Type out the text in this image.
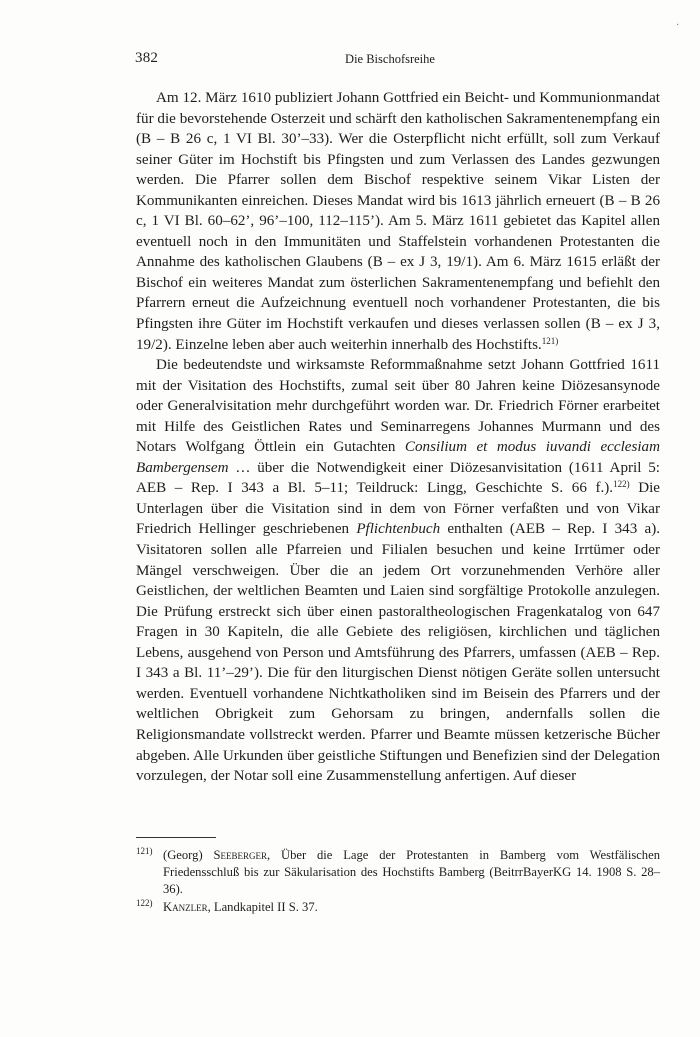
382	Die Bischofsreihe
·

Am 12. März 1610 publiziert Johann Gottfried ein Beicht- und Kommunionmandat für die bevorstehende Osterzeit und schärft den katholischen Sakramentenempfang ein (B – B 26 c, 1 VI Bl. 30’–33). Wer die Osterpflicht nicht erfüllt, soll zum Verkauf seiner Güter im Hochstift bis Pfingsten und zum Verlassen des Landes gezwungen werden. Die Pfarrer sollen dem Bischof respektive seinem Vikar Listen der Kommunikanten einreichen. Dieses Mandat wird bis 1613 jährlich erneuert (B – B 26 c, 1 VI Bl. 60–62’, 96’–100, 112–115’). Am 5. März 1611 gebietet das Kapitel allen eventuell noch in den Immunitäten und Staffelstein vorhandenen Protestanten die Annahme des katholischen Glaubens (B – ex J 3, 19/1). Am 6. März 1615 erläßt der Bischof ein weiteres Mandat zum österlichen Sakramentenempfang und befiehlt den Pfarrern erneut die Aufzeichnung eventuell noch vorhandener Protestanten, die bis Pfingsten ihre Güter im Hochstift verkaufen und dieses verlassen sollen (B – ex J 3, 19/2). Einzelne leben aber auch weiterhin innerhalb des Hochstifts.$^{121)}$

Die bedeutendste und wirksamste Reformmaßnahme setzt Johann Gottfried 1611 mit der Visitation des Hochstifts, zumal seit über 80 Jahren keine Diözesansynode oder Generalvisitation mehr durchgeführt worden war. Dr. Friedrich Förner erarbeitet mit Hilfe des Geistlichen Rates und Seminarregens Johannes Murmann und des Notars Wolfgang Öttlein ein Gutachten Consilium et modus iuvandi ecclesiam Bambergensem … über die Notwendigkeit einer Diözesanvisitation (1611 April 5: AEB – Rep. I 343 a Bl. 5–11; Teildruck: Lingg, Geschichte S. 66 f.).$^{122)}$ Die Unterlagen über die Visitation sind in dem von Förner verfaßten und von Vikar Friedrich Hellinger geschriebenen Pflichtenbuch enthalten (AEB – Rep. I 343 a). Visitatoren sollen alle Pfarreien und Filialen besuchen und keine Irrtümer oder Mängel verschweigen. Über die an jedem Ort vorzunehmenden Verhöre aller Geistlichen, der weltlichen Beamten und Laien sind sorgfältige Protokolle anzulegen. Die Prüfung erstreckt sich über einen pastoraltheologischen Fragenkatalog von 647 Fragen in 30 Kapiteln, die alle Gebiete des religiösen, kirchlichen und täglichen Lebens, ausgehend von Person und Amtsführung des Pfarrers, umfassen (AEB – Rep. I 343 a Bl. 11’–29’). Die für den liturgischen Dienst nötigen Geräte sollen untersucht werden. Eventuell vorhandene Nichtkatholiken sind im Beisein des Pfarrers und der weltlichen Obrigkeit zum Gehorsam zu bringen, andernfalls sollen die Religionsmandate vollstreckt werden. Pfarrer und Beamte müssen ketzerische Bücher abgeben. Alle Urkunden über geistliche Stiftungen und Benefizien sind der Delegation vorzulegen, der Notar soll eine Zusammenstellung anfertigen. Auf dieser

$^{121)}$ (Georg) Seeberger, Über die Lage der Protestanten in Bamberg vom Westfälischen Friedensschluß bis zur Säkularisation des Hochstifts Bamberg (BeitrrBayerKG 14. 1908 S. 28–36).

$^{122)}$ Kanzler, Landkapitel II S. 37.
